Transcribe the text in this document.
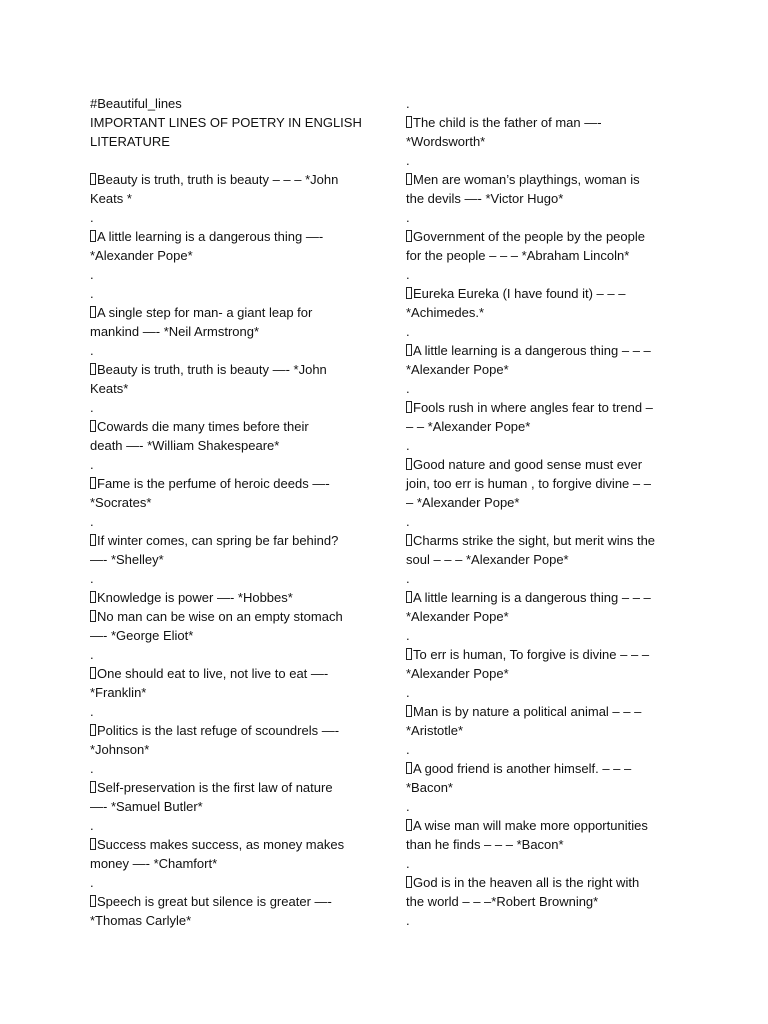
#Beautiful_lines
IMPORTANT LINES OF POETRY IN ENGLISH
LITERATURE
Beauty is truth, truth is beauty – – – *John
Keats *
.
A little learning is a dangerous thing —-
*Alexander Pope*
.
.
A single step for man- a giant leap for
mankind —- *Neil Armstrong*
.
Beauty is truth, truth is beauty —- *John
Keats*
.
Cowards die many times before their
death —- *William Shakespeare*
.
Fame is the perfume of heroic deeds —-
*Socrates*
.
If winter comes, can spring be far behind?
—- *Shelley*
.
Knowledge is power —- *Hobbes*
No man can be wise on an empty stomach
—- *George Eliot*
.
One should eat to live, not live to eat —-
*Franklin*
.
Politics is the last refuge of scoundrels —-
*Johnson*
.
Self-preservation is the first law of nature
—- *Samuel Butler*
.
Success makes success, as money makes
money —- *Chamfort*
.
Speech is great but silence is greater —-
*Thomas Carlyle*
.
The child is the father of man —-
*Wordsworth*
.
Men are woman’s playthings, woman is
the devils —- *Victor Hugo*
.
Government of the people by the people
for the people – – – *Abraham Lincoln*
.
Eureka Eureka (I have found it) – – –
*Achimedes.*
.
A little learning is a dangerous thing – – –
*Alexander Pope*
.
Fools rush in where angles fear to trend –
– – *Alexander Pope*
.
Good nature and good sense must ever
join, too err is human , to forgive divine – –
– *Alexander Pope*
.
Charms strike the sight, but merit wins the
soul – – – *Alexander Pope*
.
A little learning is a dangerous thing – – –
*Alexander Pope*
.
To err is human, To forgive is divine – – –
*Alexander Pope*
.
Man is by nature a political animal – – –
*Aristotle*
.
A good friend is another himself. – – –
*Bacon*
.
A wise man will make more opportunities
than he finds – – – *Bacon*
.
God is in the heaven all is the right with
the world – – –*Robert Browning*
.
